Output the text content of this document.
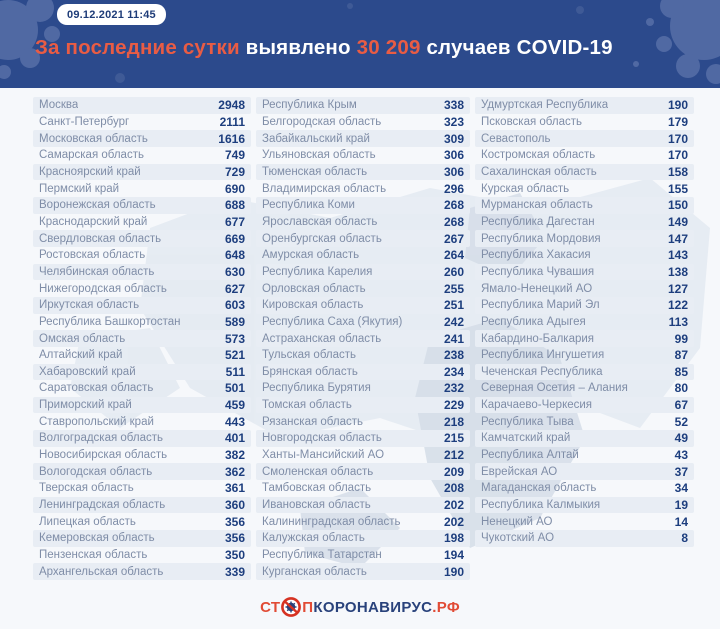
09.12.2021 11:45
За последние сутки выявлено 30 209 случаев COVID-19
Москва	2948
Санкт-Петербург	2111
Московская область	1616
Самарская область	749
Красноярский край	729
Пермский край	690
Воронежская область	688
Краснодарский край	677
Свердловская область	669
Ростовская область	648
Челябинская область	630
Нижегородская область	627
Иркутская область	603
Республика Башкортостан	589
Омская область	573
Алтайский край	521
Хабаровский край	511
Саратовская область	501
Приморский край	459
Ставропольский край	443
Волгоградская область	401
Новосибирская область	382
Вологодская область	362
Тверская область	361
Ленинградская область	360
Липецкая область	356
Кемеровская область	356
Пензенская область	350
Архангельская область	339
Республика Крым	338
Белгородская область	323
Забайкальский край	309
Ульяновская область	306
Тюменская область	306
Владимирская область	296
Республика Коми	268
Ярославская область	268
Оренбургская область	267
Амурская область	264
Республика Карелия	260
Орловская область	255
Кировская область	251
Республика Саха (Якутия)	242
Астраханская область	241
Тульская область	238
Брянская область	234
Республика Бурятия	232
Томская область	229
Рязанская область	218
Новгородская область	215
Ханты-Мансийский АО	212
Смоленская область	209
Тамбовская область	208
Ивановская область	202
Калининградская область	202
Калужская область	198
Республика Татарстан	194
Курганская область	190
Удмуртская Республика	190
Псковская область	179
Севастополь	170
Костромская область	170
Сахалинская область	158
Курская область	155
Мурманская область	150
Республика Дагестан	149
Республика Мордовия	147
Республика Хакасия	143
Республика Чувашия	138
Ямало-Ненецкий АО	127
Республика Марий Эл	122
Республика Адыгея	113
Кабардино-Балкария	99
Республика Ингушетия	87
Чеченская Республика	85
Северная Осетия – Алания	80
Карачаево-Черкесия	67
Республика Тыва	52
Камчатский край	49
Республика Алтай	43
Еврейская АО	37
Магаданская область	34
Республика Калмыкия	19
Ненецкий АО	14
Чукотский АО	8
СТ П КОРОНАВИРУС .РФ
